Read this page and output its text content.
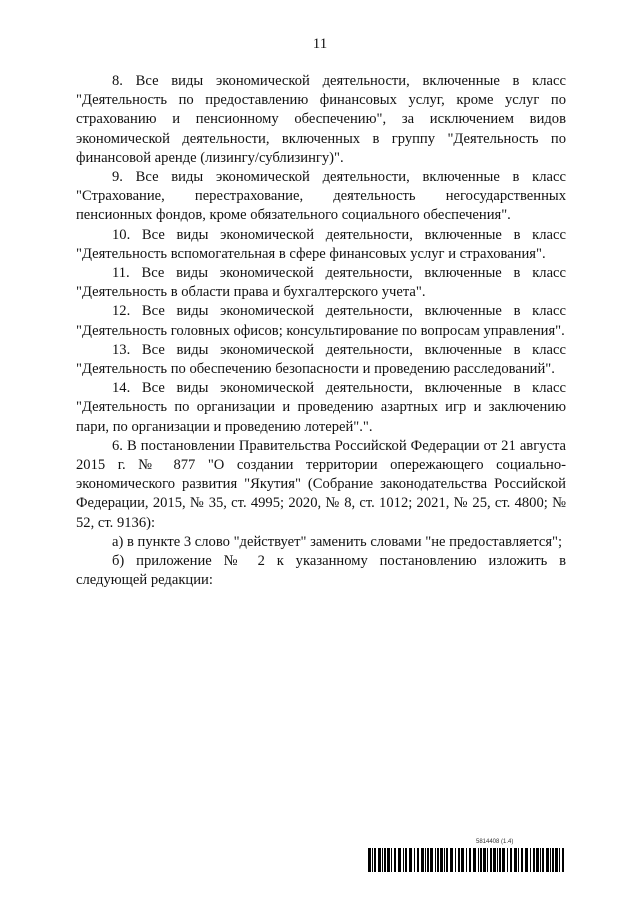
11

8. Все виды экономической деятельности, включенные в класс "Деятельность по предоставлению финансовых услуг, кроме услуг по страхованию и пенсионному обеспечению", за исключением видов экономической деятельности, включенных в группу "Деятельность по финансовой аренде (лизингу/сублизингу)".

9. Все виды экономической деятельности, включенные в класс "Страхование, перестрахование, деятельность негосударственных пенсионных фондов, кроме обязательного социального обеспечения".

10. Все виды экономической деятельности, включенные в класс "Деятельность вспомогательная в сфере финансовых услуг и страхования".

11. Все виды экономической деятельности, включенные в класс "Деятельность в области права и бухгалтерского учета".

12. Все виды экономической деятельности, включенные в класс "Деятельность головных офисов; консультирование по вопросам управления".

13. Все виды экономической деятельности, включенные в класс "Деятельность по обеспечению безопасности и проведению расследований".

14. Все виды экономической деятельности, включенные в класс "Деятельность по организации и проведению азартных игр и заключению пари, по организации и проведению лотерей".".

6. В постановлении Правительства Российской Федерации от 21 августа 2015 г. № 877 "О создании территории опережающего социально-экономического развития "Якутия" (Собрание законодательства Российской Федерации, 2015, № 35, ст. 4995; 2020, № 8, ст. 1012; 2021, № 25, ст. 4800; № 52, ст. 9136):

а) в пункте 3 слово "действует" заменить словами "не предоставляется";

б) приложение № 2 к указанному постановлению изложить в следующей редакции:

5814408 (1.4)
